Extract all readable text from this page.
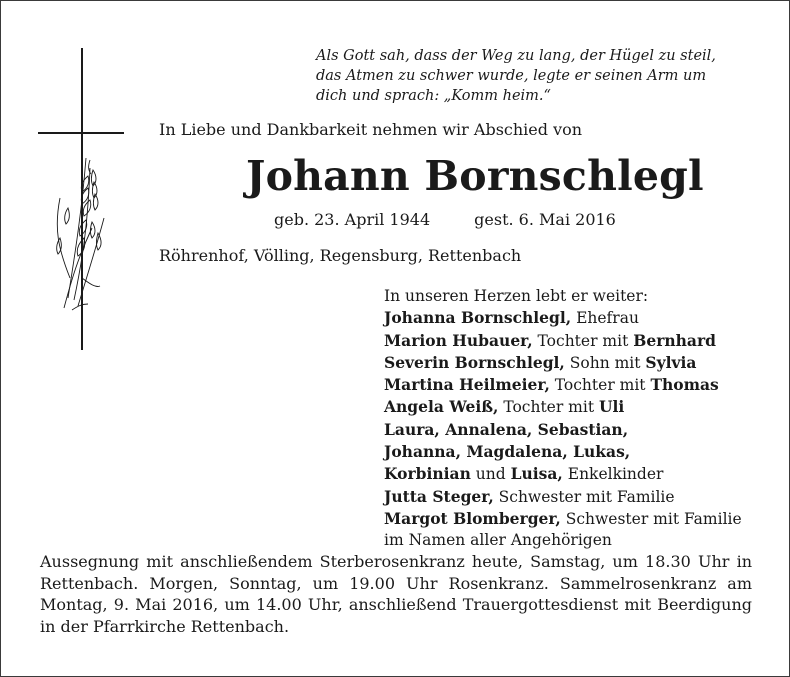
Als Gott sah, dass der Weg zu lang, der Hügel zu steil,
das Atmen zu schwer wurde, legte er seinen Arm um
dich und sprach: „Komm heim.“
In Liebe und Dankbarkeit nehmen wir Abschied von
Johann Bornschlegl
geb. 23. April 1944	gest. 6. Mai 2016
Röhrenhof, Völling, Regensburg, Rettenbach
In unseren Herzen lebt er weiter:
Johanna Bornschlegl, Ehefrau
Marion Hubauer, Tochter mit Bernhard
Severin Bornschlegl, Sohn mit Sylvia
Martina Heilmeier, Tochter mit Thomas
Angela Weiß, Tochter mit Uli
Laura, Annalena, Sebastian,
Johanna, Magdalena, Lukas,
Korbinian und Luisa, Enkelkinder
Jutta Steger, Schwester mit Familie
Margot Blomberger, Schwester mit Familie
im Namen aller Angehörigen
Aussegnung mit anschließendem Sterberosenkranz heute, Samstag, um 18.30 Uhr in Rettenbach. Morgen, Sonntag, um 19.00 Uhr Rosenkranz. Sammelrosenkranz am Montag, 9. Mai 2016, um 14.00 Uhr, anschließend Trauergottesdienst mit Beerdigung in der Pfarrkirche Rettenbach.
